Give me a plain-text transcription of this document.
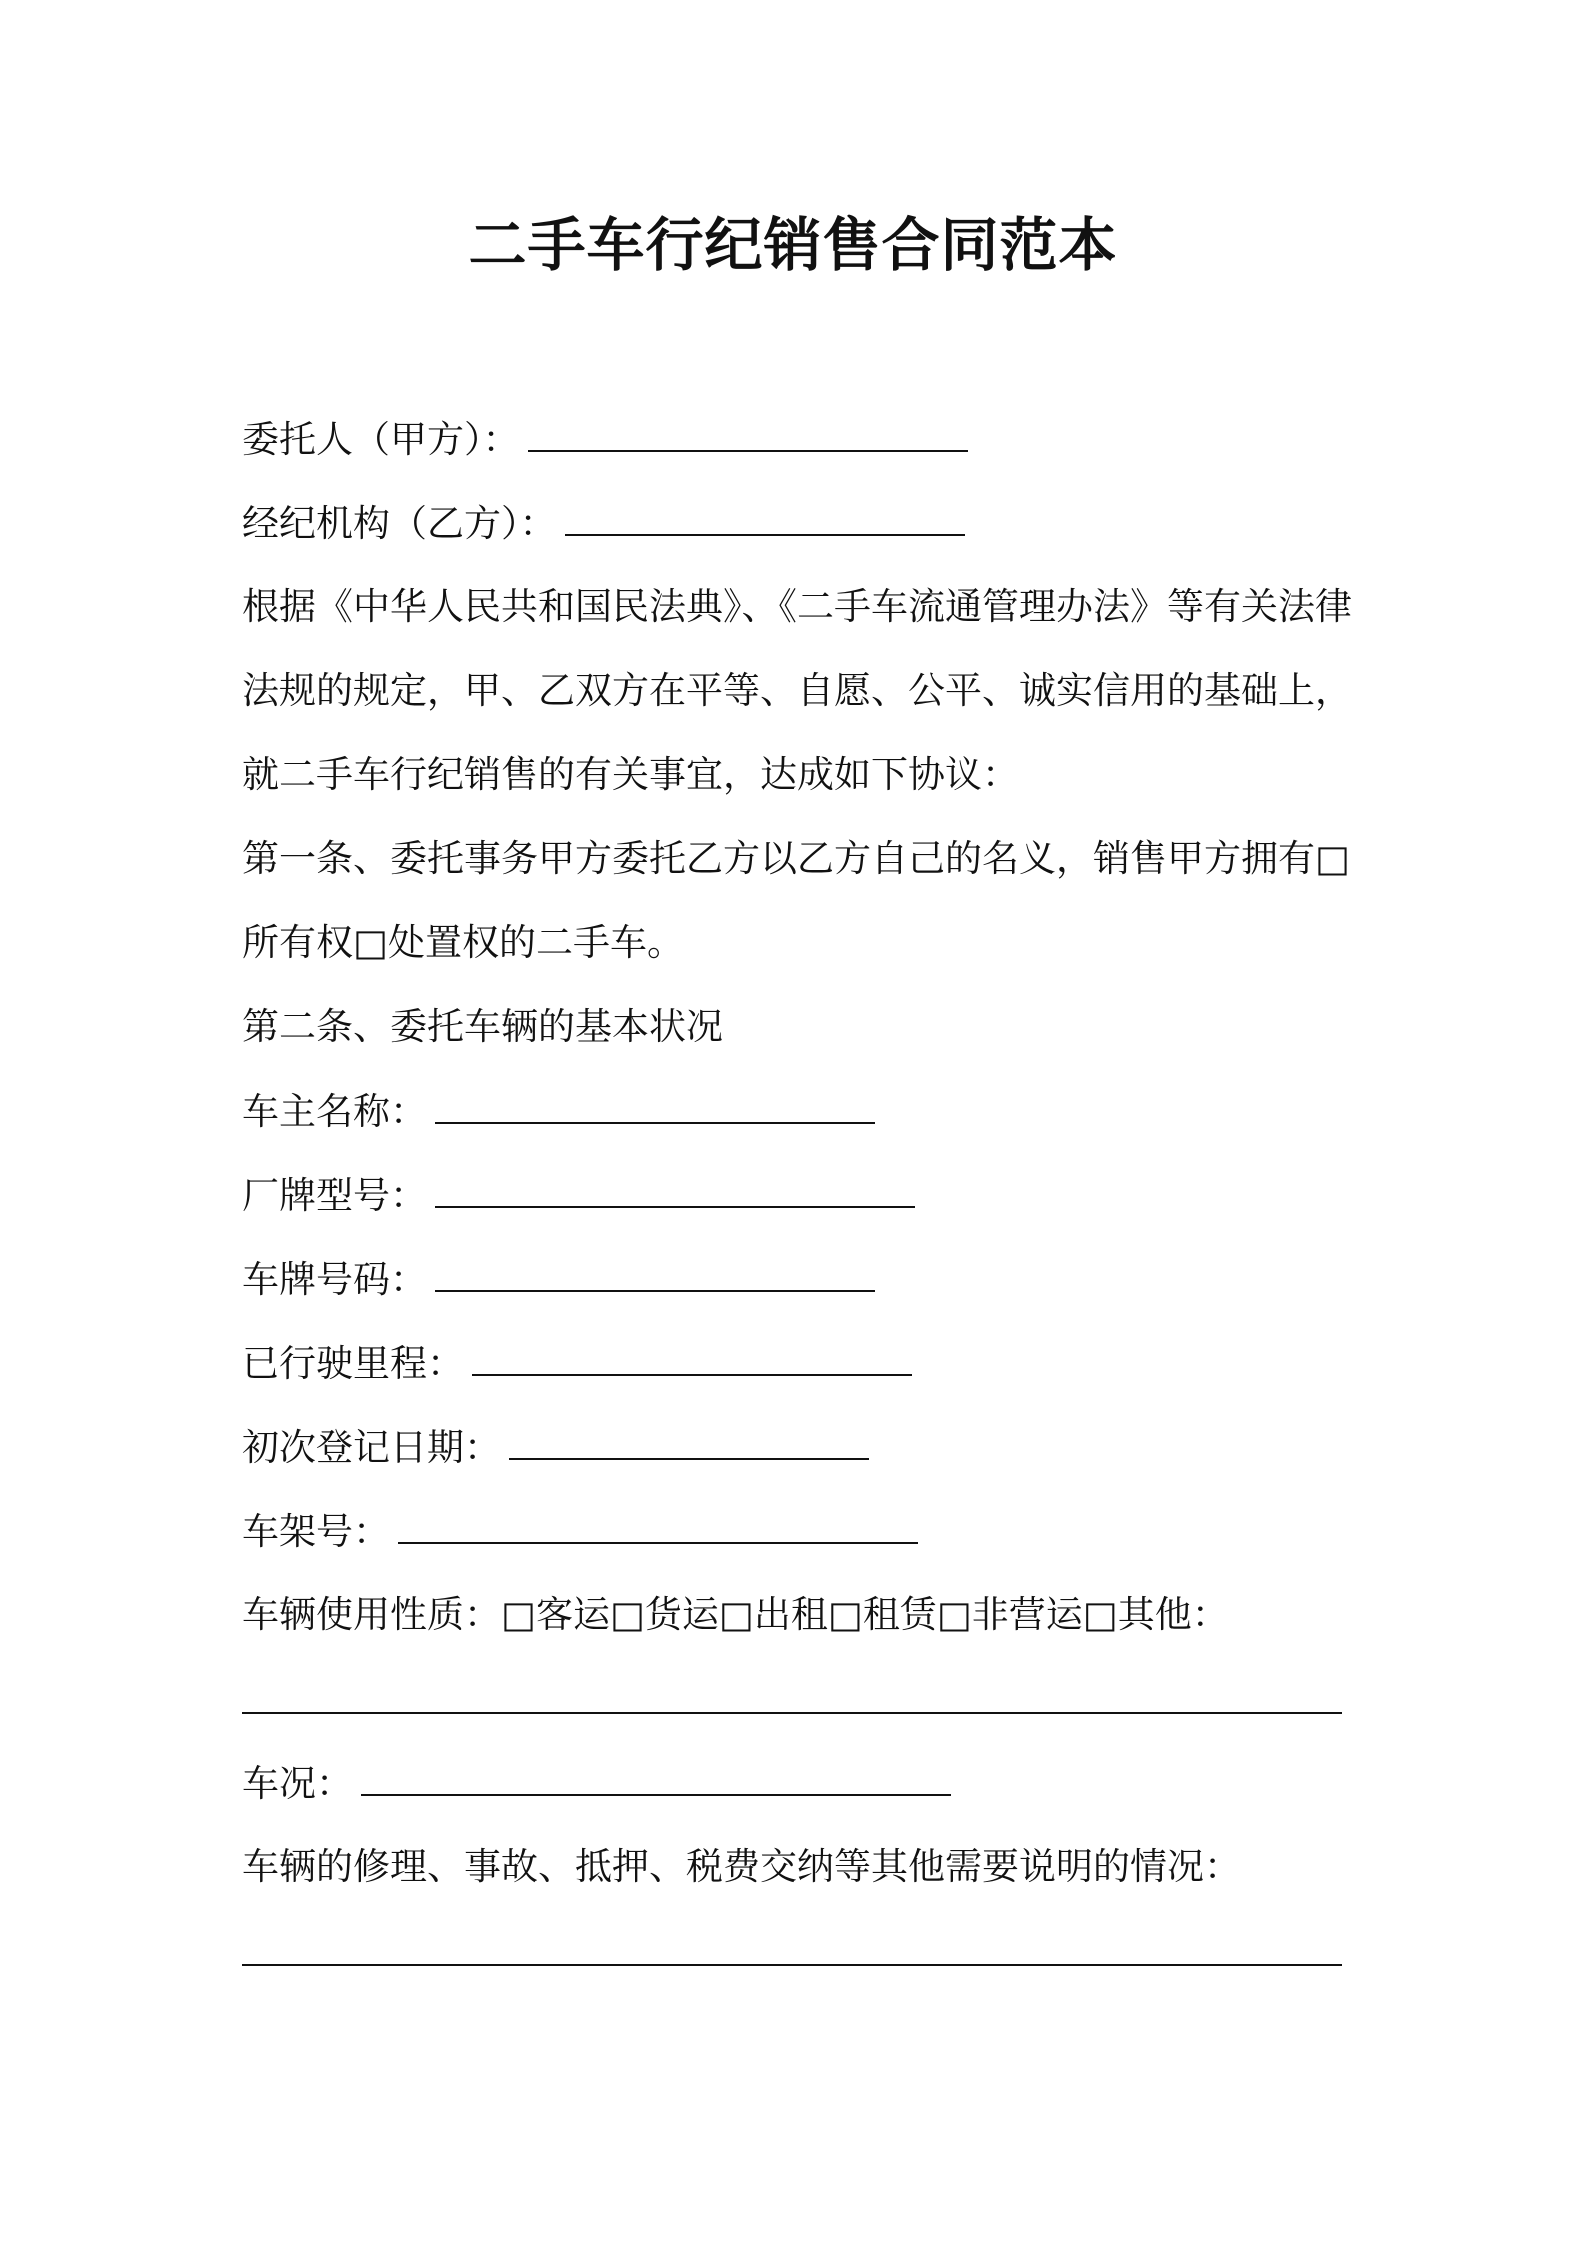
二手车行纪销售合同范本
委托人（甲方）：
经纪机构（乙方）：
根据《中华人民共和国民法典》、《二手车流通管理办法》等有关法律
法规的规定，甲、乙双方在平等、自愿、公平、诚实信用的基础上，
就二手车行纪销售的有关事宜，达成如下协议：
第一条、委托事务甲方委托乙方以乙方自己的名义，销售甲方拥有□
所有权□处置权的二手车。
第二条、委托车辆的基本状况
车主名称：
厂牌型号：
车牌号码：
已行驶里程：
初次登记日期：
车架号：
车辆使用性质：□客运□货运□出租□租赁□非营运□其他：
车况：
车辆的修理、事故、抵押、税费交纳等其他需要说明的情况：
